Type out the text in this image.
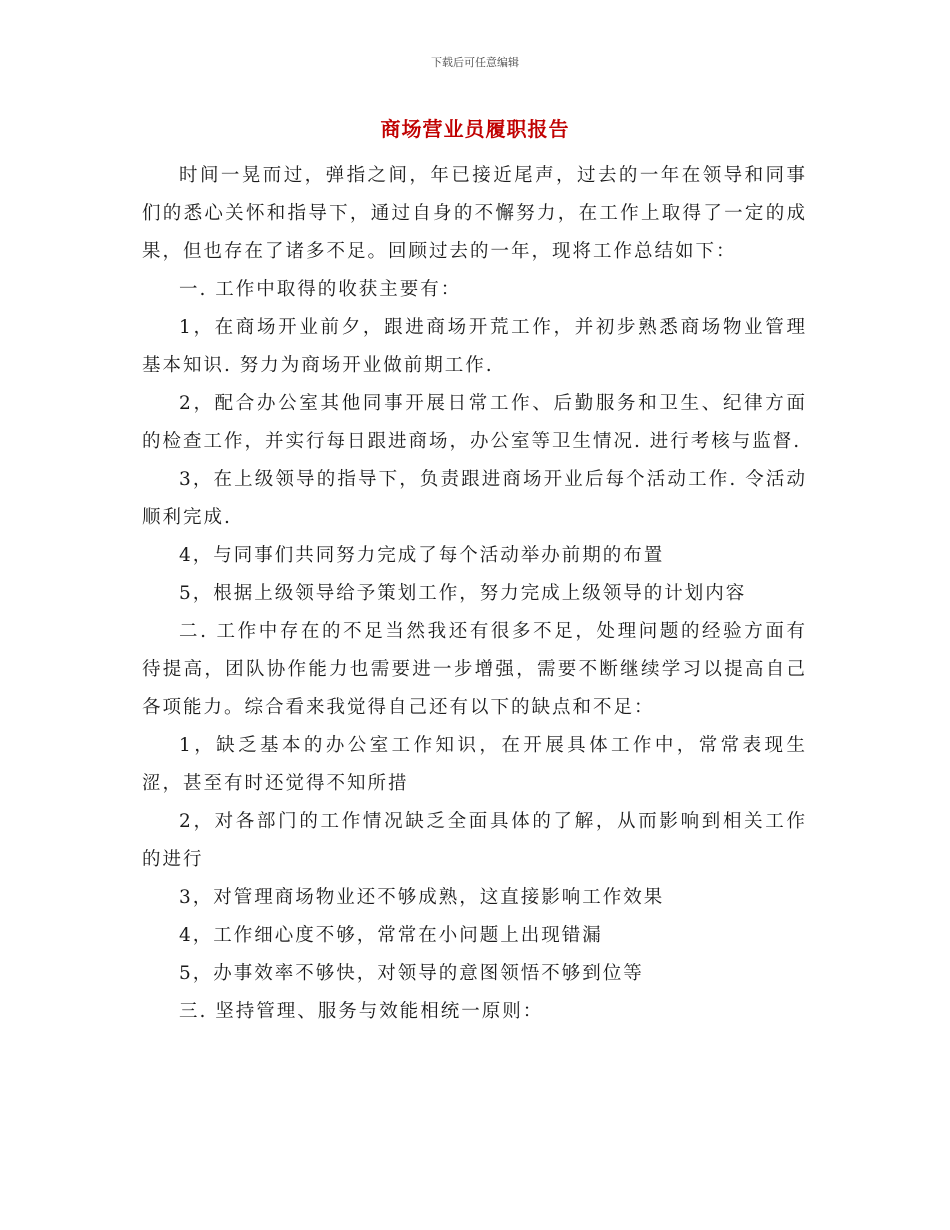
下载后可任意编辑
商场营业员履职报告

时间一晃而过，弹指之间，年已接近尾声，过去的一年在领导和同事们的悉心关怀和指导下，通过自身的不懈努力，在工作上取得了一定的成果，但也存在了诸多不足。回顾过去的一年，现将工作总结如下：

一. 工作中取得的收获主要有：

1，在商场开业前夕，跟进商场开荒工作，并初步熟悉商场物业管理基本知识. 努力为商场开业做前期工作.

2，配合办公室其他同事开展日常工作、后勤服务和卫生、纪律方面的检查工作，并实行每日跟进商场，办公室等卫生情况. 进行考核与监督.

3，在上级领导的指导下，负责跟进商场开业后每个活动工作. 令活动顺利完成.

4，与同事们共同努力完成了每个活动举办前期的布置

5，根据上级领导给予策划工作，努力完成上级领导的计划内容

二. 工作中存在的不足当然我还有很多不足，处理问题的经验方面有待提高，团队协作能力也需要进一步增强，需要不断继续学习以提高自己各项能力。综合看来我觉得自己还有以下的缺点和不足：

1，缺乏基本的办公室工作知识，在开展具体工作中，常常表现生涩，甚至有时还觉得不知所措

2，对各部门的工作情况缺乏全面具体的了解，从而影响到相关工作的进行

3，对管理商场物业还不够成熟，这直接影响工作效果

4，工作细心度不够，常常在小问题上出现错漏

5，办事效率不够快，对领导的意图领悟不够到位等

三. 坚持管理、服务与效能相统一原则：
